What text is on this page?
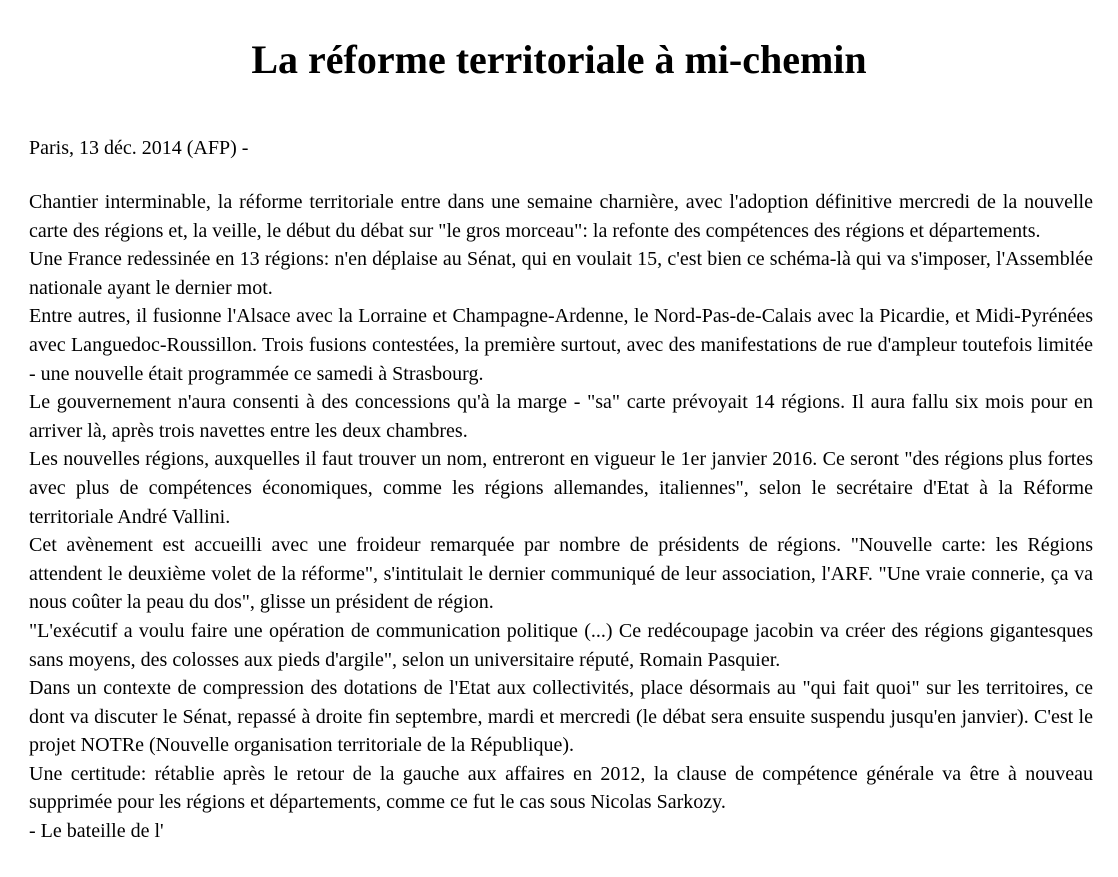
La réforme territoriale à mi-chemin
Paris, 13 déc. 2014 (AFP) -

Chantier interminable, la réforme territoriale entre dans une semaine charnière, avec l'adoption définitive mercredi de la nouvelle carte des régions et, la veille, le début du débat sur "le gros morceau": la refonte des compétences des régions et départements.

Une France redessinée en 13 régions: n'en déplaise au Sénat, qui en voulait 15, c'est bien ce schéma-là qui va s'imposer, l'Assemblée nationale ayant le dernier mot.

Entre autres, il fusionne l'Alsace avec la Lorraine et Champagne-Ardenne, le Nord-Pas-de-Calais avec la Picardie, et Midi-Pyrénées avec Languedoc-Roussillon. Trois fusions contestées, la première surtout, avec des manifestations de rue d'ampleur toutefois limitée - une nouvelle était programmée ce samedi à Strasbourg.

Le gouvernement n'aura consenti à des concessions qu'à la marge - "sa" carte prévoyait 14 régions. Il aura fallu six mois pour en arriver là, après trois navettes entre les deux chambres.

Les nouvelles régions, auxquelles il faut trouver un nom, entreront en vigueur le 1er janvier 2016. Ce seront "des régions plus fortes avec plus de compétences économiques, comme les régions allemandes, italiennes", selon le secrétaire d'Etat à la Réforme territoriale André Vallini.

Cet avènement est accueilli avec une froideur remarquée par nombre de présidents de régions. "Nouvelle carte: les Régions attendent le deuxième volet de la réforme", s'intitulait le dernier communiqué de leur association, l'ARF. "Une vraie connerie, ça va nous coûter la peau du dos", glisse un président de région.

"L'exécutif a voulu faire une opération de communication politique (...) Ce redécoupage jacobin va créer des régions gigantesques sans moyens, des colosses aux pieds d'argile", selon un universitaire réputé, Romain Pasquier.

Dans un contexte de compression des dotations de l'Etat aux collectivités, place désormais au "qui fait quoi" sur les territoires, ce dont va discuter le Sénat, repassé à droite fin septembre, mardi et mercredi (le débat sera ensuite suspendu jusqu'en janvier). C'est le projet NOTRe (Nouvelle organisation territoriale de la République).

Une certitude: rétablie après le retour de la gauche aux affaires en 2012, la clause de compétence générale va être à nouveau supprimée pour les régions et départements, comme ce fut le cas sous Nicolas Sarkozy.

- Le bateille de l'
